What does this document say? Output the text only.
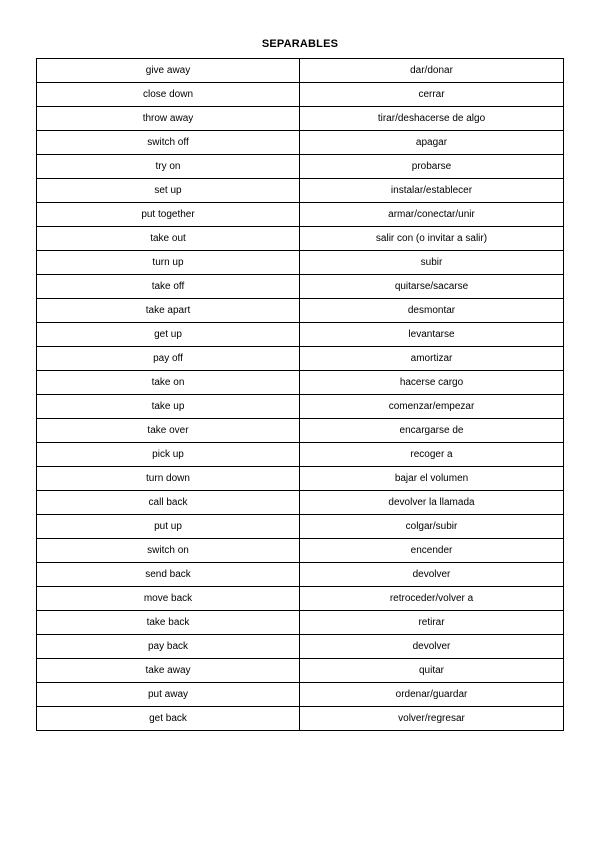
SEPARABLES
give away	dar/donar
close down	cerrar
throw away	tirar/deshacerse de algo
switch off	apagar
try on	probarse
set up	instalar/establecer
put together	armar/conectar/unir
take out	salir con (o invitar a salir)
turn up	subir
take off	quitarse/sacarse
take apart	desmontar
get up	levantarse
pay off	amortizar
take on	hacerse cargo
take up	comenzar/empezar
take over	encargarse de
pick up	recoger a
turn down	bajar el volumen
call back	devolver la llamada
put up	colgar/subir
switch on	encender
send back	devolver
move back	retroceder/volver a
take back	retirar
pay back	devolver
take away	quitar
put away	ordenar/guardar
get back	volver/regresar
